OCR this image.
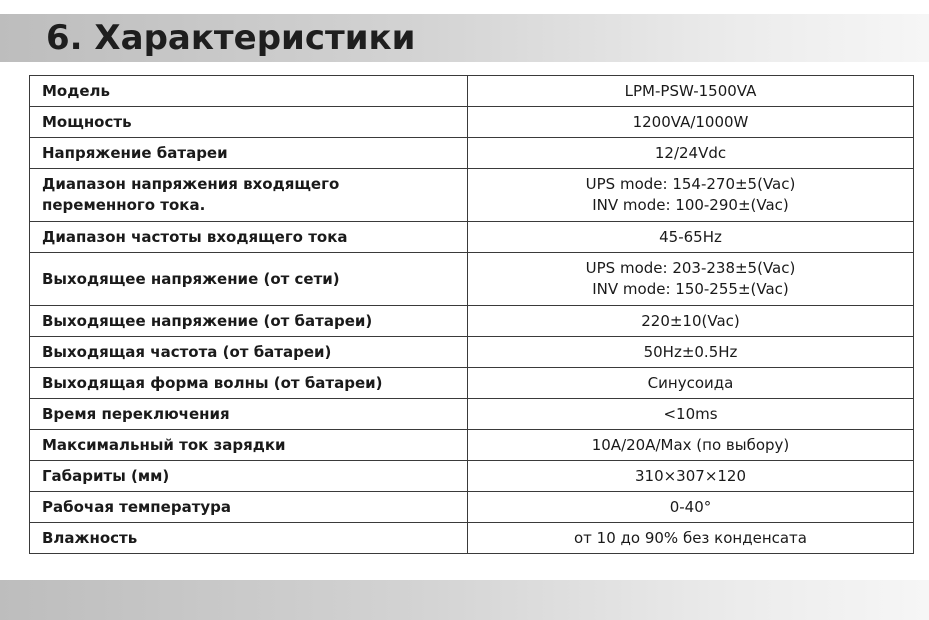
6. Характеристики
Модель	LPM-PSW-1500VA

Мощность	1200VA/1000W

Напряжение батареи	12/24Vdc

Диапазон напряжения входящего
переменного тока.	UPS mode: 154-270±5(Vac)
INV mode: 100-290±(Vac)

Диапазон частоты входящего тока	45-65Hz

Выходящее напряжение (от сети)	UPS mode: 203-238±5(Vac)
INV mode: 150-255±(Vac)

Выходящее напряжение (от батареи)	220±10(Vac)

Выходящая частота (от батареи)	50Hz±0.5Hz

Выходящая форма волны (от батареи)	Синусоида

Время переключения	<10ms

Максимальный ток зарядки	10A/20A/Max (по выбору)

Габариты (мм)	310×307×120

Рабочая температура	0-40°

Влажность	от 10 до 90% без конденсата
